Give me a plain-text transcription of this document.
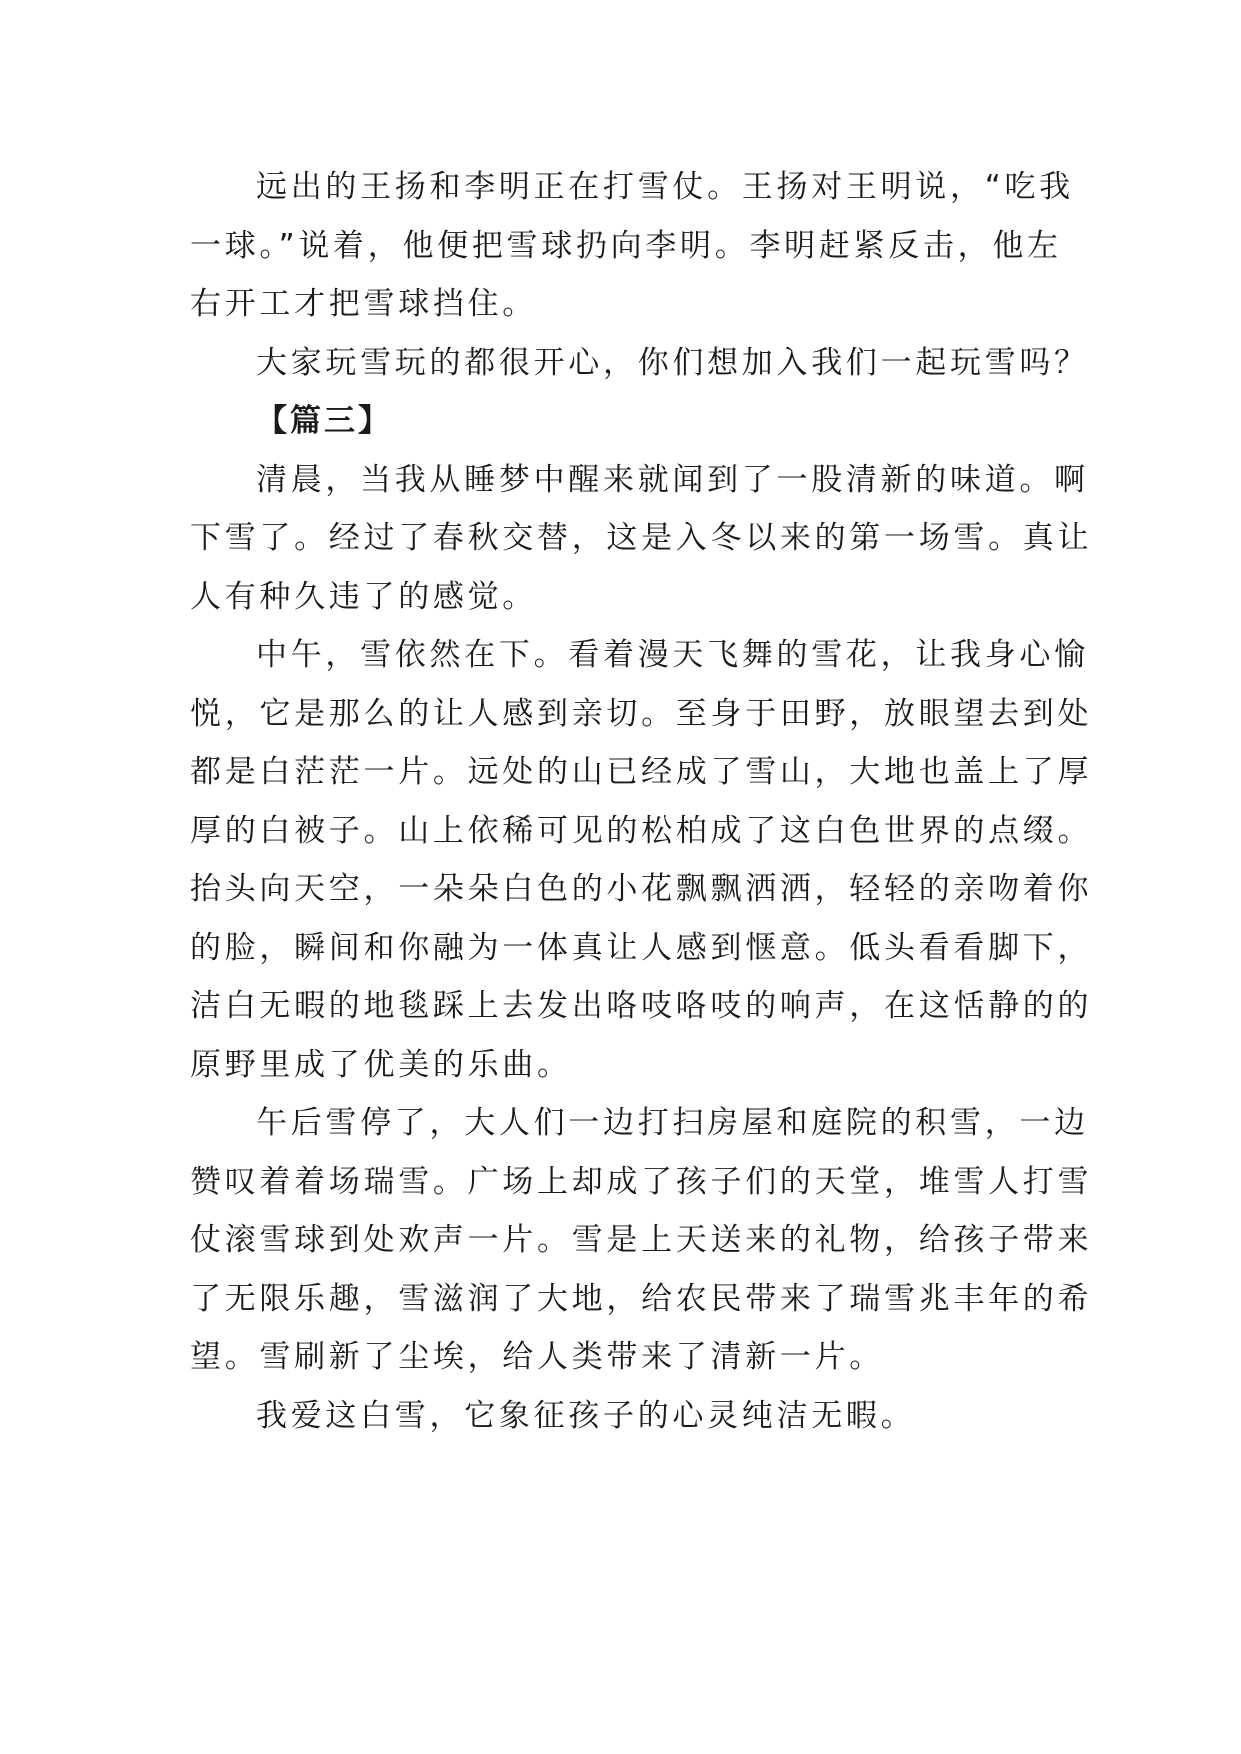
远出的王扬和李明正在打雪仗。王扬对王明说，“吃我
一球。”说着，他便把雪球扔向李明。李明赶紧反击，他左
右开工才把雪球挡住。
大家玩雪玩的都很开心，你们想加入我们一起玩雪吗？
【篇三】
清晨，当我从睡梦中醒来就闻到了一股清新的味道。啊
下雪了。经过了春秋交替，这是入冬以来的第一场雪。真让
人有种久违了的感觉。
中午，雪依然在下。看着漫天飞舞的雪花，让我身心愉
悦，它是那么的让人感到亲切。至身于田野，放眼望去到处
都是白茫茫一片。远处的山已经成了雪山，大地也盖上了厚
厚的白被子。山上依稀可见的松柏成了这白色世界的点缀。
抬头向天空，一朵朵白色的小花飘飘洒洒，轻轻的亲吻着你
的脸，瞬间和你融为一体真让人感到惬意。低头看看脚下，
洁白无暇的地毯踩上去发出咯吱咯吱的响声，在这恬静的的
原野里成了优美的乐曲。
午后雪停了，大人们一边打扫房屋和庭院的积雪，一边
赞叹着着场瑞雪。广场上却成了孩子们的天堂，堆雪人打雪
仗滚雪球到处欢声一片。雪是上天送来的礼物，给孩子带来
了无限乐趣，雪滋润了大地，给农民带来了瑞雪兆丰年的希
望。雪刷新了尘埃，给人类带来了清新一片。
我爱这白雪，它象征孩子的心灵纯洁无暇。
